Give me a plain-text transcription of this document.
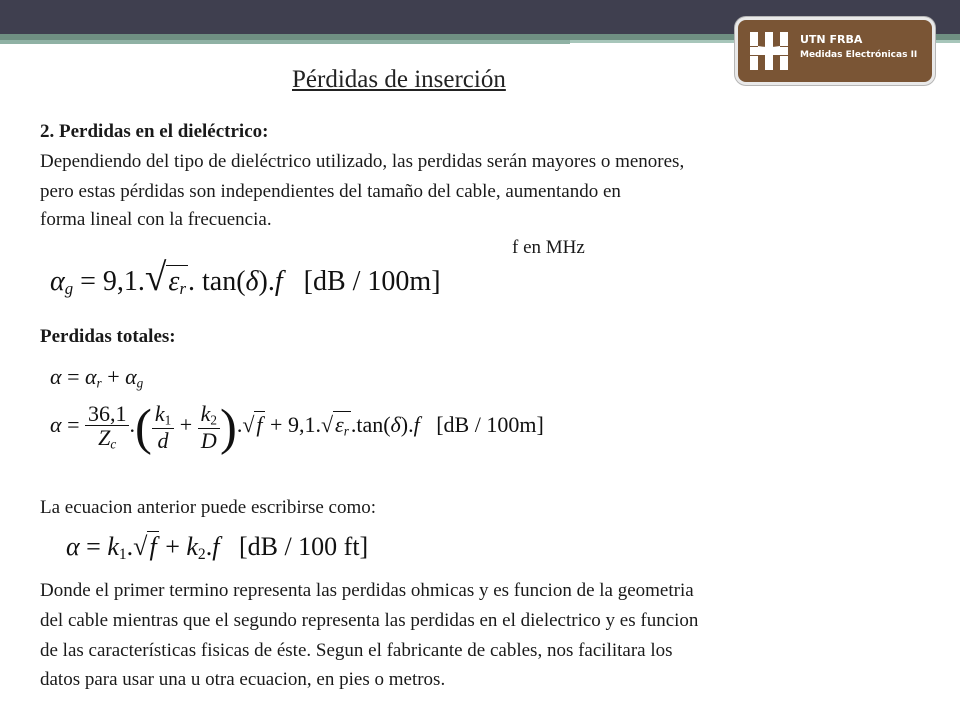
UTN FRBA
Medidas Electrónicas II
Pérdidas de inserción
2. Perdidas en el dieléctrico:
Dependiendo del tipo de dieléctrico utilizado, las perdidas serán mayores o menores,
pero estas pérdidas son independientes del tamaño del cable, aumentando en
forma lineal con la frecuencia.
f en MHz
$\alpha_g = 9,1.√\varepsilon_r$. tan(δ).f [dB / 100m]
Perdidas totales:
$\alpha = \alpha_r + \alpha_g$
$\alpha = \frac{36,1}{Z_c}$ .( $\frac{k_1}{d} + \frac{k_2}{D} ).√f + 9,1.√\varepsilon_r.\tan(\delta).f$ [dB / 100m]
La ecuacion anterior puede escribirse como:
$\alpha = k_1.√f + k_2.f$ [dB / 100 ft]
Donde el primer termino representa las perdidas ohmicas y es funcion de la geometria
del cable mientras que el segundo representa las perdidas en el dielectrico y es funcion
de las características fisicas de éste. Segun el fabricante de cables, nos facilitara los
datos para usar una u otra ecuacion, en pies o metros.
